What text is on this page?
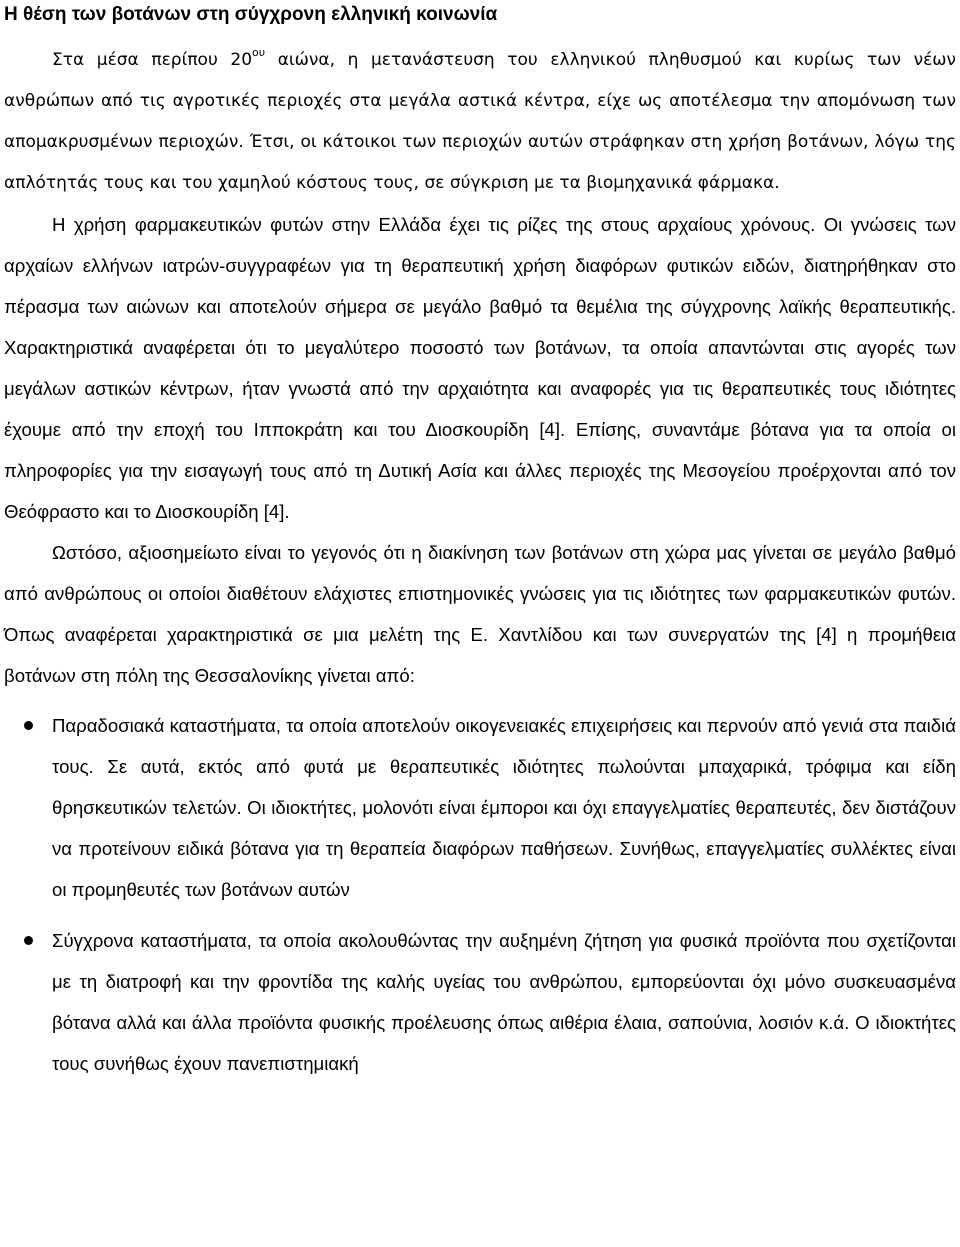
Η θέση των βοτάνων στη σύγχρονη ελληνική κοινωνία

Στα μέσα περίπου $20^{o\upsilon}$ αιώνα, η μετανάστευση του ελληνικού πληθυσμού και κυρίως των νέων ανθρώπων από τις αγροτικές περιοχές στα μεγάλα αστικά κέντρα, είχε ως αποτέλεσμα την απομόνωση των απομακρυσμένων περιοχών. Έτσι, οι κάτοικοι των περιοχών αυτών στράφηκαν στη χρήση βοτάνων, λόγω της απλότητάς τους και του χαμηλού κόστους τους, σε σύγκριση με τα βιομηχανικά φάρμακα.

Η χρήση φαρμακευτικών φυτών στην Ελλάδα έχει τις ρίζες της στους αρχαίους χρόνους. Οι γνώσεις των αρχαίων ελλήνων ιατρών-συγγραφέων για τη θεραπευτική χρήση διαφόρων φυτικών ειδών, διατηρήθηκαν στο πέρασμα των αιώνων και αποτελούν σήμερα σε μεγάλο βαθμό τα θεμέλια της σύγχρονης λαϊκής θεραπευτικής. Χαρακτηριστικά αναφέρεται ότι το μεγαλύτερο ποσοστό των βοτάνων, τα οποία απαντώνται στις αγορές των μεγάλων αστικών κέντρων, ήταν γνωστά από την αρχαιότητα και αναφορές για τις θεραπευτικές τους ιδιότητες έχουμε από την εποχή του Ιπποκράτη και του Διοσκουρίδη [4]. Επίσης, συναντάμε βότανα για τα οποία οι πληροφορίες για την εισαγωγή τους από τη Δυτική Ασία και άλλες περιοχές της Μεσογείου προέρχονται από τον Θεόφραστο και το Διοσκουρίδη [4].

Ωστόσο, αξιοσημείωτο είναι το γεγονός ότι η διακίνηση των βοτάνων στη χώρα μας γίνεται σε μεγάλο βαθμό από ανθρώπους οι οποίοι διαθέτουν ελάχιστες επιστημονικές γνώσεις για τις ιδιότητες των φαρμακευτικών φυτών. Όπως αναφέρεται χαρακτηριστικά σε μια μελέτη της Ε. Χαντλίδου και των συνεργατών της [4] η προμήθεια βοτάνων στη πόλη της Θεσσαλονίκης γίνεται από:

Παραδοσιακά καταστήματα, τα οποία αποτελούν οικογενειακές επιχειρήσεις και περνούν από γενιά στα παιδιά τους. Σε αυτά, εκτός από φυτά με θεραπευτικές ιδιότητες πωλούνται μπαχαρικά, τρόφιμα και είδη θρησκευτικών τελετών. Οι ιδιοκτήτες, μολονότι είναι έμποροι και όχι επαγγελματίες θεραπευτές, δεν διστάζουν να προτείνουν ειδικά βότανα για τη θεραπεία διαφόρων παθήσεων. Συνήθως, επαγγελματίες συλλέκτες είναι οι προμηθευτές των βοτάνων αυτών
Σύγχρονα καταστήματα, τα οποία ακολουθώντας την αυξημένη ζήτηση για φυσικά προϊόντα που σχετίζονται με τη διατροφή και την φροντίδα της καλής υγείας του ανθρώπου, εμπορεύονται όχι μόνο συσκευασμένα βότανα αλλά και άλλα προϊόντα φυσικής προέλευσης όπως αιθέρια έλαια, σαπούνια, λοσιόν κ.ά. Ο ιδιοκτήτες τους συνήθως έχουν πανεπιστημιακή
